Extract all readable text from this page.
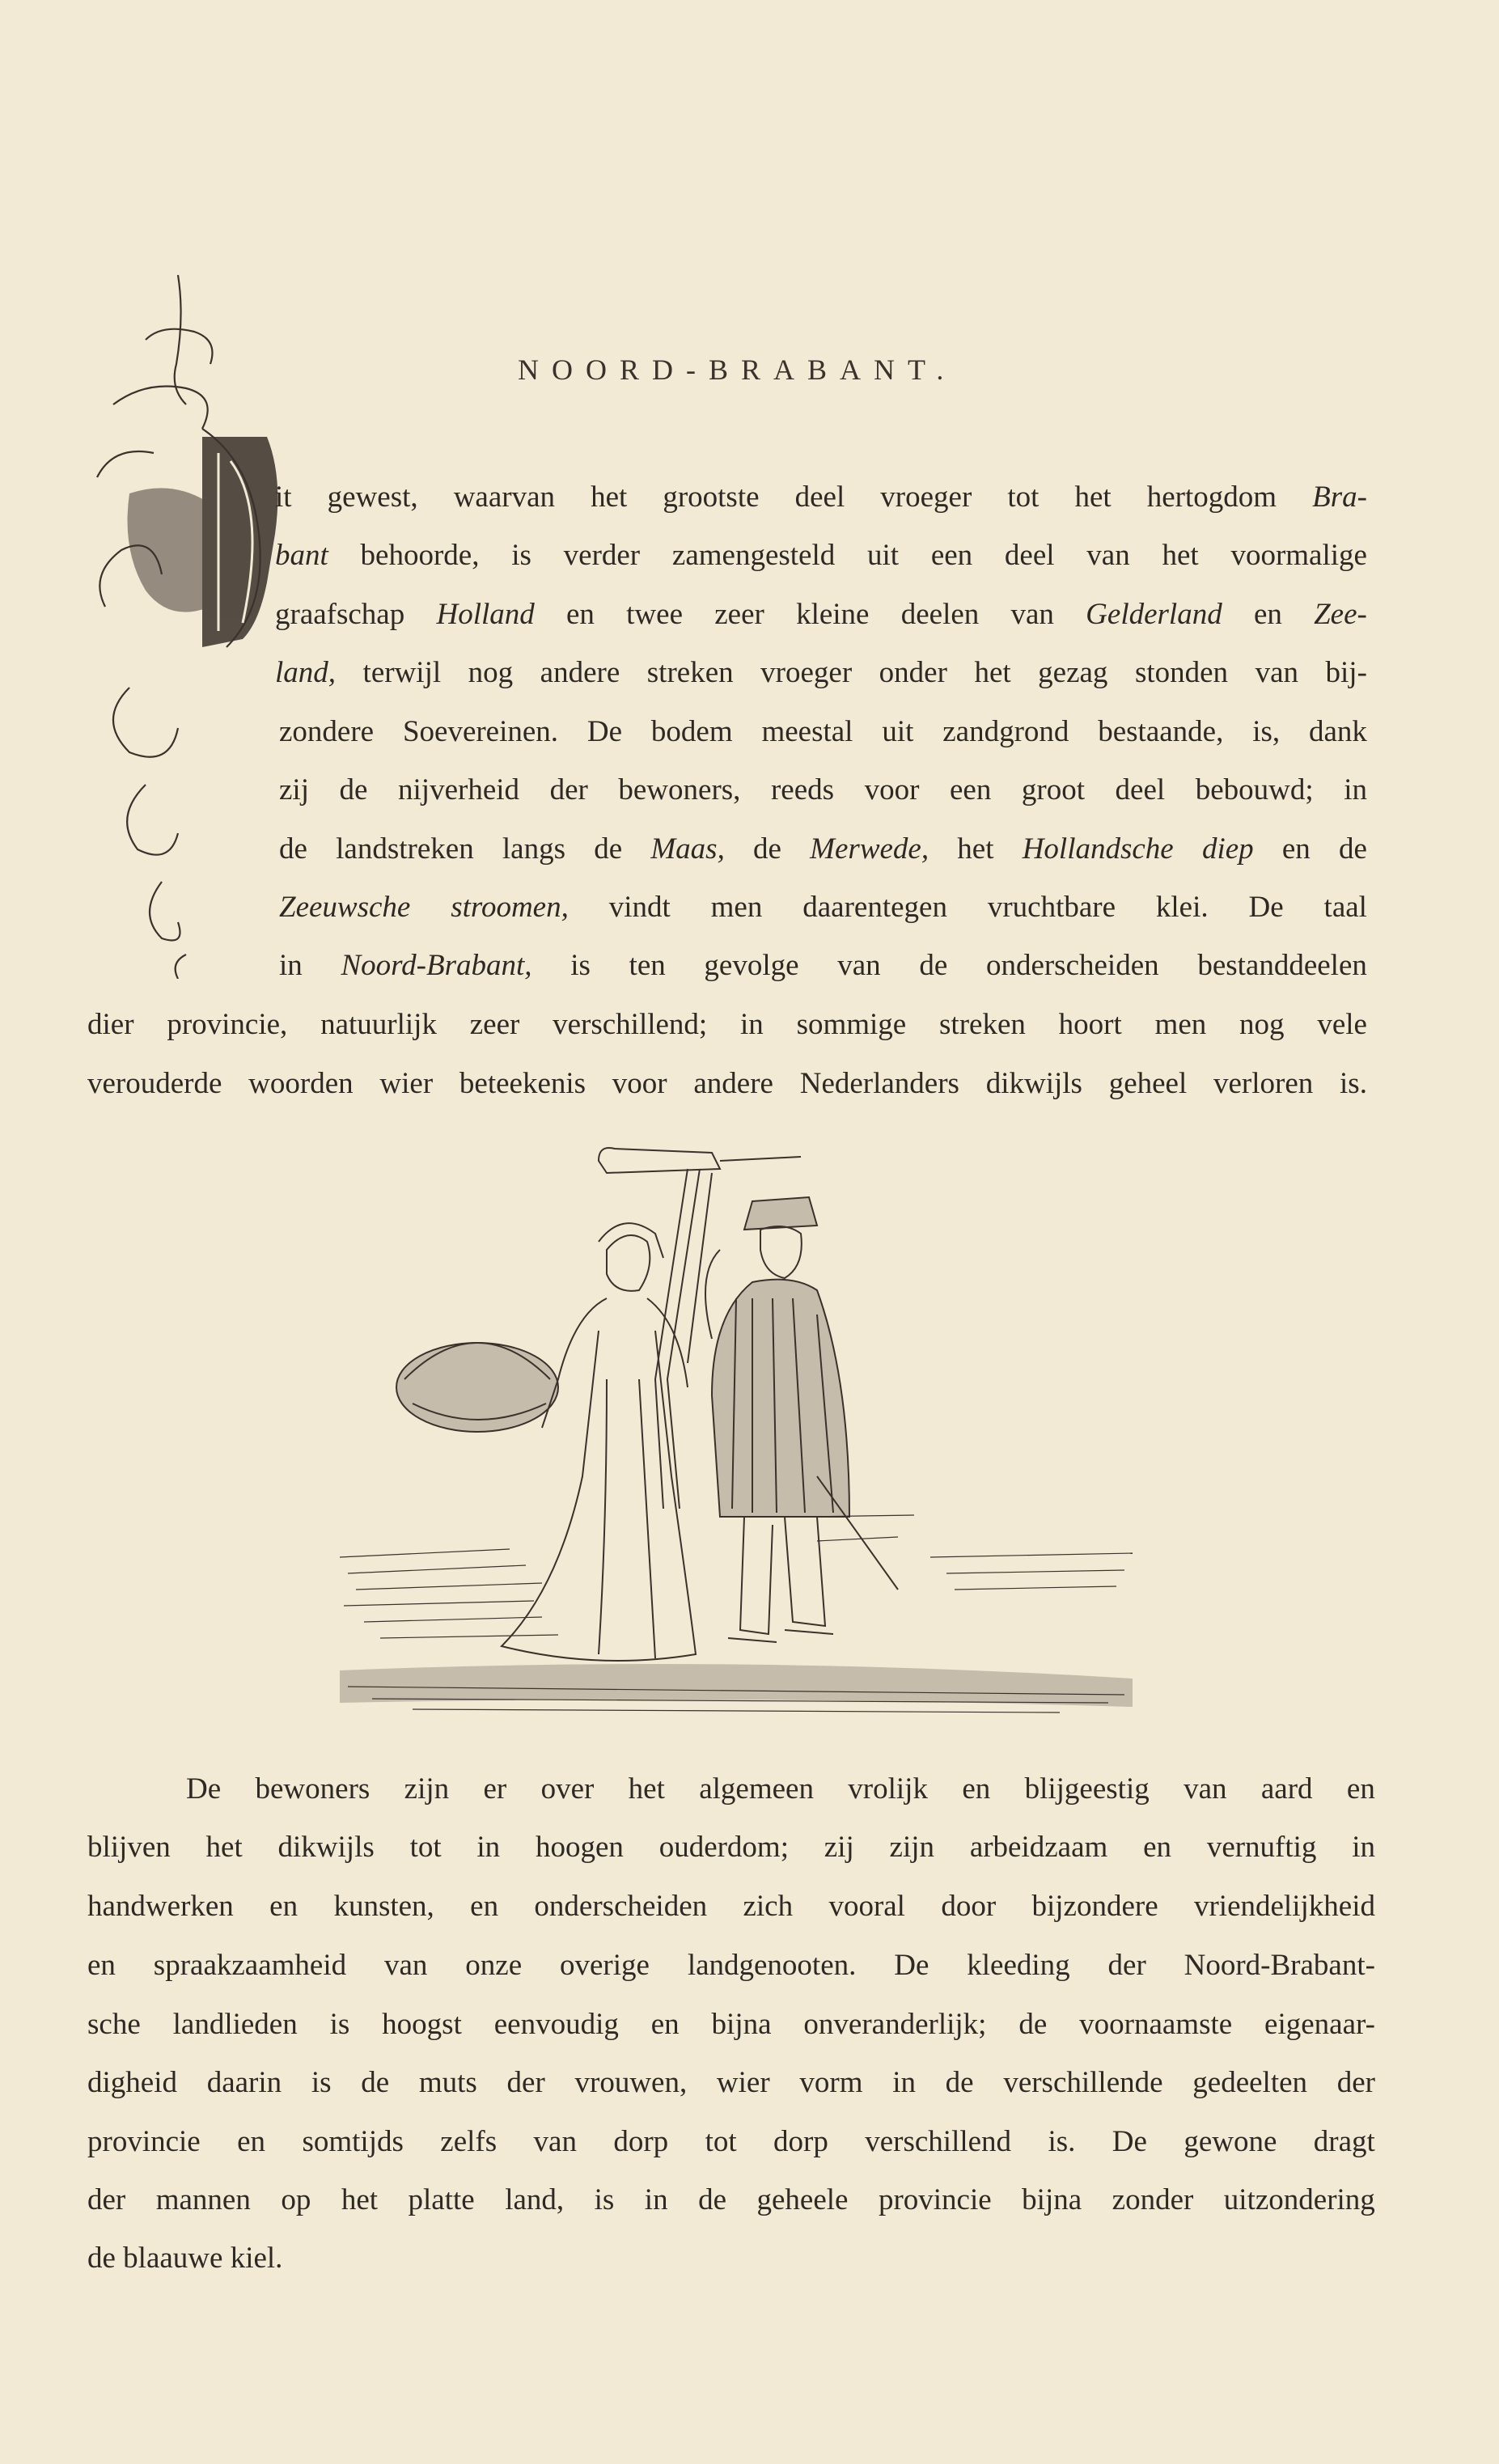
NOORD-BRABANT.
it gewest, waarvan het grootste deel vroeger tot het hertogdom Bra-
bant behoorde, is verder zamengesteld uit een deel van het voormalige
graafschap Holland en twee zeer kleine deelen van Gelderland en Zee-
land, terwijl nog andere streken vroeger onder het gezag stonden van bij-
zondere Soevereinen. De bodem meestal uit zandgrond bestaande, is, dank
zij de nijverheid der bewoners, reeds voor een groot deel bebouwd; in
de landstreken langs de Maas, de Merwede, het Hollandsche diep en de
Zeeuwsche stroomen, vindt men daarentegen vruchtbare klei. De taal
in Noord-Brabant, is ten gevolge van de onderscheiden bestanddeelen
dier provincie, natuurlijk zeer verschillend; in sommige streken hoort men nog vele
verouderde woorden wier beteekenis voor andere Nederlanders dikwijls geheel verloren is.
De bewoners zijn er over het algemeen vrolijk en blijgeestig van aard en
blijven het dikwijls tot in hoogen ouderdom; zij zijn arbeidzaam en vernuftig in
handwerken en kunsten, en onderscheiden zich vooral door bijzondere vriendelijkheid
en spraakzaamheid van onze overige landgenooten. De kleeding der Noord-Brabant-
sche landlieden is hoogst eenvoudig en bijna onveranderlijk; de voornaamste eigenaar-
digheid daarin is de muts der vrouwen, wier vorm in de verschillende gedeelten der
provincie en somtijds zelfs van dorp tot dorp verschillend is. De gewone dragt
der mannen op het platte land, is in de geheele provincie bijna zonder uitzondering
de blaauwe kiel.
